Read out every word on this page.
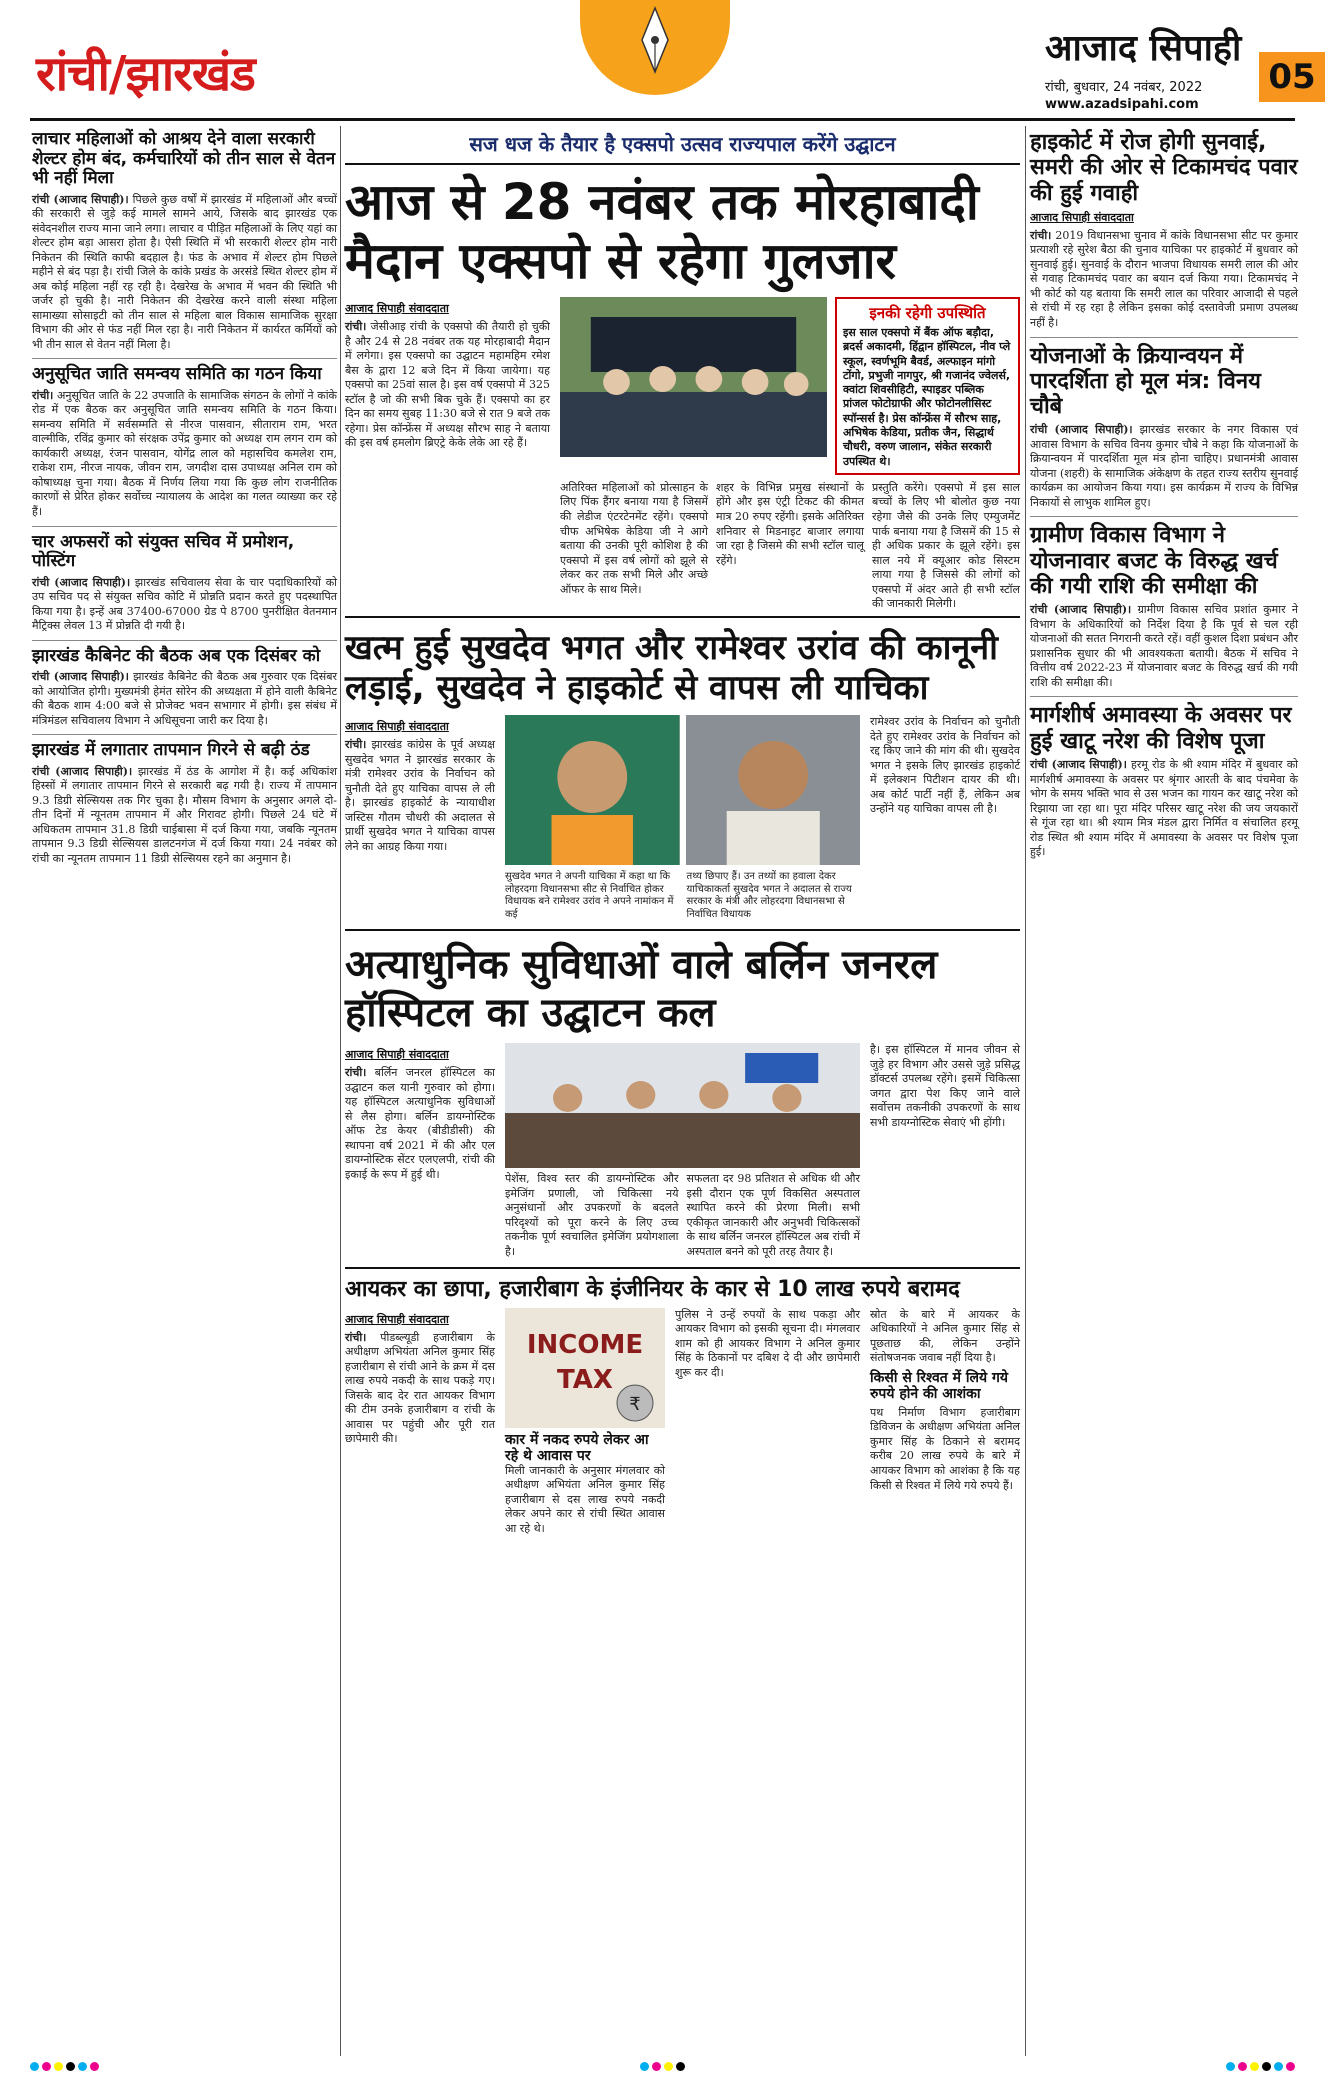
रांची/झारखंड	आजाद सिपाही
रांची, बुधवार, 24 नवंबर, 2022
www.azadsipahi.com
05
लाचार महिलाओं को आश्रय देने वाला सरकारी शेल्टर होम बंद, कर्मचारियों को तीन साल से वेतन भी नहीं मिला
रांची (आजाद सिपाही)। पिछले कुछ वर्षों में झारखंड में महिलाओं और बच्चों की सरकारी से जुड़े कई मामले सामने आये, जिसके बाद झारखंड एक संवेदनशील राज्य माना जाने लगा। लाचार व पीड़ित महिलाओं के लिए यहां का शेल्टर होम बड़ा आसरा होता है। ऐसी स्थिति में भी सरकारी शेल्टर होम नारी निकेतन की स्थिति काफी बदहाल है। फंड के अभाव में शेल्टर होम पिछले महीने से बंद पड़ा है। रांची जिले के कांके प्रखंड के अरसंडे स्थित शेल्टर होम में अब कोई महिला नहीं रह रही है। देखरेख के अभाव में भवन की स्थिति भी जर्जर हो चुकी है। नारी निकेतन की देखरेख करने वाली संस्था महिला सामाख्या सोसाइटी को तीन साल से महिला बाल विकास सामाजिक सुरक्षा विभाग की ओर से फंड नहीं मिल रहा है। नारी निकेतन में कार्यरत कर्मियों को भी तीन साल से वेतन नहीं मिला है।
अनुसूचित जाति समन्वय समिति का गठन किया
रांची। अनुसूचित जाति के 22 उपजाति के सामाजिक संगठन के लोगों ने कांके रोड में एक बैठक कर अनुसूचित जाति समन्वय समिति के गठन किया। समन्वय समिति में सर्वसम्मति से नीरज पासवान, सीताराम राम, भरत वाल्मीकि, रविंद्र कुमार को संरक्षक उपेंद्र कुमार को अध्यक्ष राम लगन राम को कार्यकारी अध्यक्ष, रंजन पासवान, योगेंद्र लाल को महासचिव कमलेश राम, राकेश राम, नीरज नायक, जीवन राम, जगदीश दास उपाध्यक्ष अनिल राम को कोषाध्यक्ष चुना गया। बैठक में निर्णय लिया गया कि कुछ लोग राजनीतिक कारणों से प्रेरित होकर सर्वोच्च न्यायालय के आदेश का गलत व्याख्या कर रहे हैं।
चार अफसरों को संयुक्त सचिव में प्रमोशन, पोस्टिंग
रांची (आजाद सिपाही)। झारखंड सचिवालय सेवा के चार पदाधिकारियों को उप सचिव पद से संयुक्त सचिव कोटि में प्रोन्नति प्रदान करते हुए पदस्थापित किया गया है। इन्हें अब 37400-67000 ग्रेड पे 8700 पुनरीक्षित वेतनमान मैट्रिक्स लेवल 13 में प्रोन्नति दी गयी है।
झारखंड कैबिनेट की बैठक अब एक दिसंबर को
रांची (आजाद सिपाही)। झारखंड कैबिनेट की बैठक अब गुरुवार एक दिसंबर को आयोजित होगी। मुख्यमंत्री हेमंत सोरेन की अध्यक्षता में होने वाली कैबिनेट की बैठक शाम 4:00 बजे से प्रोजेक्ट भवन सभागार में होगी। इस संबंध में मंत्रिमंडल सचिवालय विभाग ने अधिसूचना जारी कर दिया है।
झारखंड में लगातार तापमान गिरने से बढ़ी ठंड
रांची (आजाद सिपाही)। झारखंड में ठंड के आगोश में है। कई अधिकांश हिस्सों में लगातार तापमान गिरने से सरकारी बढ़ गयी है। राज्य में तापमान 9.3 डिग्री सेल्सियस तक गिर चुका है। मौसम विभाग के अनुसार अगले दो-तीन दिनों में न्यूनतम तापमान में और गिरावट होगी। पिछले 24 घंटे में अधिकतम तापमान 31.8 डिग्री चाईबासा में दर्ज किया गया, जबकि न्यूनतम तापमान 9.3 डिग्री सेल्सियस डालटनगंज में दर्ज किया गया। 24 नवंबर को रांची का न्यूनतम तापमान 11 डिग्री सेल्सियस रहने का अनुमान है।
सज धज के तैयार है एक्सपो उत्सव राज्यपाल करेंगे उद्घाटन
आज से 28 नवंबर तक मोरहाबादी मैदान एक्सपो से रहेगा गुलजार
आजाद सिपाही संवाददाता
रांची। जेसीआइ रांची के एक्सपो की तैयारी हो चुकी है और 24 से 28 नवंबर तक यह मोरहाबादी मैदान में लगेगा। इस एक्सपो का उद्घाटन महामहिम रमेश बैस के द्वारा 12 बजे दिन में किया जायेगा। यह एक्सपो का 25वां साल है। इस वर्ष एक्सपो में 325 स्टॉल है जो की सभी बिक चुके हैं। एक्सपो का हर दिन का समय सुबह 11:30 बजे से रात 9 बजे तक रहेगा। प्रेस कॉन्फ्रेंस में अध्यक्ष सौरभ साह ने बताया की इस वर्ष हमलोग ब्रिएट्रे केके लेके आ रहे हैं।
इनकी रहेगी उपस्थिति
इस साल एक्सपो में बैंक ऑफ बड़ौदा, ब्रदर्स अकादमी, हिंद्वान हॉस्पिटल, नीव प्ले स्कूल, स्वर्णभूमि बैवर्ड, अल्फाइन मांगो टोंगो, प्रभुजी नागपुर, श्री गजानंद ज्वेलर्स, क्वांटा शिवसीहिटी, स्पाइडर पब्लिक प्रांजल फोटोग्राफी और फोटोनलीसिस्ट स्पॉन्सर्स है। प्रेस कॉन्फ्रेंस में सौरभ साह, अभिषेक केडिया, प्रतीक जैन, सिद्धार्थ चौधरी, वरुण जालान, संकेत सरकारी उपस्थित थे।
अतिरिक्त महिलाओं को प्रोत्साहन के लिए पिंक हैंगर बनाया गया है जिसमें की लेडीज एंटरटेनमेंट रहेंगे। एक्सपो चीफ अभिषेक केडिया जी ने आगे बताया की उनकी पूरी कोशिश है की एक्सपो में इस वर्ष लोगों को झूले से लेकर कर तक सभी मिले और अच्छे ऑफर के साथ मिले।
शहर के विभिन्न प्रमुख संस्थानों के होंगे और इस एंट्री टिकट की कीमत मात्र 20 रुपए रहेंगी। इसके अतिरिक्त शनिवार से मिडनाइट बाजार लगाया जा रहा है जिसमे की सभी स्टॉल चालू रहेंगे।
प्रस्तुति करेंगे। एक्सपो में इस साल बच्चों के लिए भी बोलोत कुछ नया रहेगा जैसे की उनके लिए एम्युजमेंट पार्क बनाया गया है जिसमें की 15 से ही अधिक प्रकार के झूले रहेंगे। इस साल नये में क्यूआर कोड सिस्टम लाया गया है जिससे की लोगों को एक्सपो में अंदर आते ही सभी स्टॉल की जानकारी मिलेगी।
खत्म हुई सुखदेव भगत और रामेश्वर उरांव की कानूनी लड़ाई, सुखदेव ने हाइकोर्ट से वापस ली याचिका
आजाद सिपाही संवाददाता
रांची। झारखंड कांग्रेस के पूर्व अध्यक्ष सुखदेव भगत ने झारखंड सरकार के मंत्री रामेश्वर उरांव के निर्वाचन को चुनौती देते हुए याचिका वापस ले ली है। झारखंड हाइकोर्ट के न्यायाधीश जस्टिस गौतम चौधरी की अदालत से प्रार्थी सुखदेव भगत ने याचिका वापस लेने का आग्रह किया गया।
सुखदेव भगत ने अपनी याचिका में कहा था कि लोहरदगा विधानसभा सीट से निर्वाचित होकर विधायक बने रामेश्वर उरांव ने अपने नामांकन में कई
तथ्य छिपाए हैं। उन तथ्यों का हवाला देकर याचिकाकर्ता सुखदेव भगत ने अदालत से राज्य सरकार के मंत्री और लोहरदगा विधानसभा से निर्वाचित विधायक
रामेश्वर उरांव के निर्वाचन को चुनौती देते हुए रामेश्वर उरांव के निर्वाचन को रद्द किए जाने की मांग की थी। सुखदेव भगत ने इसके लिए झारखंड हाइकोर्ट में इलेक्शन पिटीशन दायर की थी। अब कोर्ट पार्टी नहीं हैं, लेकिन अब उन्होंने यह याचिका वापस ली है।
अत्याधुनिक सुविधाओं वाले बर्लिन जनरल हॉस्पिटल का उद्घाटन कल
आजाद सिपाही संवाददाता
रांची। बर्लिन जनरल हॉस्पिटल का उद्घाटन कल यानी गुरुवार को होगा। यह हॉस्पिटल अत्याधुनिक सुविधाओं से लैस होगा। बर्लिन डायग्नोस्टिक ऑफ टेड केयर (बीडीडीसी) की स्थापना वर्ष 2021 में की और एल डायग्नोस्टिक सेंटर एलएलपी, रांची की इकाई के रूप में हुई थी।	पेशेंस, विश्व स्तर की डायग्नोस्टिक और इमेजिंग प्रणाली, जो चिकित्सा नये अनुसंधानों और उपकरणों के बदलते परिदृश्यों को पूरा करने के लिए उच्च तकनीक पूर्ण स्वचालित इमेजिंग प्रयोगशाला है।
सफलता दर 98 प्रतिशत से अधिक थी और इसी दौरान एक पूर्ण विकसित अस्पताल स्थापित करने की प्रेरणा मिली। सभी एकीकृत जानकारी और अनुभवी चिकित्सकों के साथ बर्लिन जनरल हॉस्पिटल अब रांची में अस्पताल बनने को पूरी तरह तैयार है।
है। इस हॉस्पिटल में मानव जीवन से जुड़े हर विभाग और उससे जुड़े प्रसिद्ध डॉक्टर्स उपलब्ध रहेंगे। इसमें चिकित्सा जगत द्वारा पेश किए जाने वाले सर्वोत्तम तकनीकी उपकरणों के साथ सभी डायग्नोस्टिक सेवाएं भी होंगी।
आयकर का छापा, हजारीबाग के इंजीनियर के कार से 10 लाख रुपये बरामद
आजाद सिपाही संवाददाता
रांची। पीडब्ल्यूडी हजारीबाग के अधीक्षण अभियंता अनिल कुमार सिंह हजारीबाग से रांची आने के क्रम में दस लाख रुपये नकदी के साथ पकड़े गए। जिसके बाद देर रात आयकर विभाग की टीम उनके हजारीबाग व रांची के आवास पर पहुंची और पूरी रात छापेमारी की।
INCOME
TAX
₹
कार में नकद रुपये लेकर आ रहे थे आवास पर
मिली जानकारी के अनुसार मंगलवार को अधीक्षण अभियंता अनिल कुमार सिंह हजारीबाग से दस लाख रुपये नकदी लेकर अपने कार से रांची स्थित आवास आ रहे थे।
पुलिस ने उन्हें रुपयों के साथ पकड़ा और आयकर विभाग को इसकी सूचना दी। मंगलवार शाम को ही आयकर विभाग ने अनिल कुमार सिंह के ठिकानों पर दबिश दे दी और छापेमारी शुरू कर दी।
स्रोत के बारे में आयकर के अधिकारियों ने अनिल कुमार सिंह से पूछताछ की, लेकिन उन्होंने संतोषजनक जवाब नहीं दिया है।
किसी से रिश्वत में लिये गये रुपये होने की आशंका
पथ निर्माण विभाग हजारीबाग डिविजन के अधीक्षण अभियंता अनिल कुमार सिंह के ठिकाने से बरामद करीब 20 लाख रुपये के बारे में आयकर विभाग को आशंका है कि यह किसी से रिश्वत में लिये गये रुपये हैं।
हाइकोर्ट में रोज होगी सुनवाई, समरी की ओर से टिकामचंद पवार की हुई गवाही
आजाद सिपाही संवाददाता
रांची। 2019 विधानसभा चुनाव में कांके विधानसभा सीट पर कुमार प्रत्याशी रहे सुरेश बैठा की चुनाव याचिका पर हाइकोर्ट में बुधवार को सुनवाई हुई। सुनवाई के दौरान भाजपा विधायक समरी लाल की ओर से गवाह टिकामचंद पवार का बयान दर्ज किया गया। टिकामचंद ने भी कोर्ट को यह बताया कि समरी लाल का परिवार आजादी से पहले से रांची में रह रहा है लेकिन इसका कोई दस्तावेजी प्रमाण उपलब्ध नहीं है।
योजनाओं के क्रियान्वयन में पारदर्शिता हो मूल मंत्र: विनय चौबे
रांची (आजाद सिपाही)। झारखंड सरकार के नगर विकास एवं आवास विभाग के सचिव विनय कुमार चौबे ने कहा कि योजनाओं के क्रियान्वयन में पारदर्शिता मूल मंत्र होना चाहिए। प्रधानमंत्री आवास योजना (शहरी) के सामाजिक अंकेक्षण के तहत राज्य स्तरीय सुनवाई कार्यक्रम का आयोजन किया गया। इस कार्यक्रम में राज्य के विभिन्न निकायों से लाभुक शामिल हुए।
ग्रामीण विकास विभाग ने योजनावार बजट के विरुद्ध खर्च की गयी राशि की समीक्षा की
रांची (आजाद सिपाही)। ग्रामीण विकास सचिव प्रशांत कुमार ने विभाग के अधिकारियों को निर्देश दिया है कि पूर्व से चल रही योजनाओं की सतत निगरानी करते रहें। वहीं कुशल दिशा प्रबंधन और प्रशासनिक सुधार की भी आवश्यकता बतायी। बैठक में सचिव ने वित्तीय वर्ष 2022-23 में योजनावार बजट के विरुद्ध खर्च की गयी राशि की समीक्षा की।
मार्गशीर्ष अमावस्या के अवसर पर हुई खाटू नरेश की विशेष पूजा
रांची (आजाद सिपाही)। हरमू रोड के श्री श्याम मंदिर में बुधवार को मार्गशीर्ष अमावस्या के अवसर पर श्रृंगार आरती के बाद पंचमेवा के भोग के समय भक्ति भाव से उस भजन का गायन कर खाटू नरेश को रिझाया जा रहा था। पूरा मंदिर परिसर खाटू नरेश की जय जयकारों से गूंज रहा था। श्री श्याम मित्र मंडल द्वारा निर्मित व संचालित हरमू रोड स्थित श्री श्याम मंदिर में अमावस्या के अवसर पर विशेष पूजा हुई।
